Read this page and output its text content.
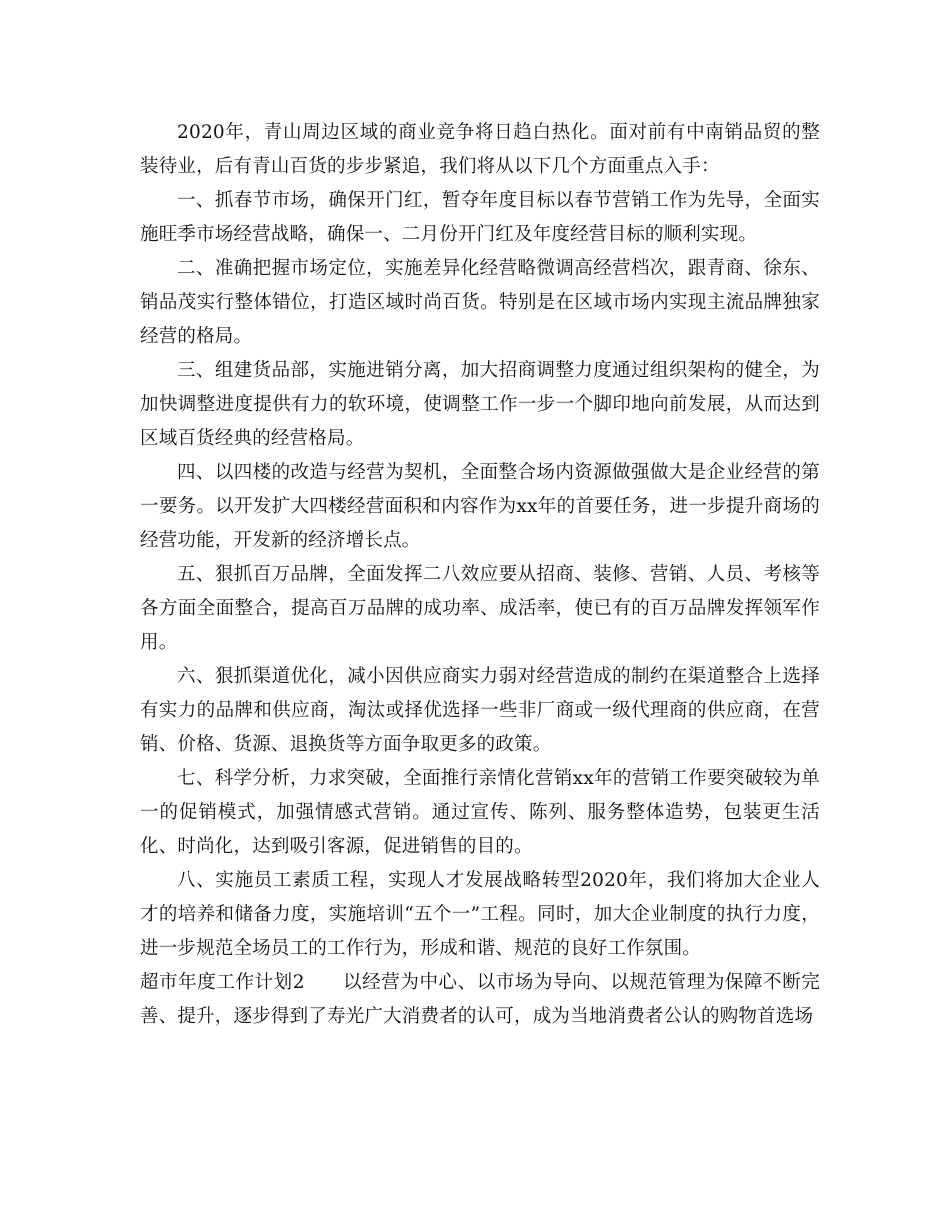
2020年，青山周边区域的商业竞争将日趋白热化。面对前有中南销品贸的整装待业，后有青山百货的步步紧追，我们将从以下几个方面重点入手：

一、抓春节市场，确保开门红，暂夺年度目标以春节营销工作为先导，全面实施旺季市场经营战略，确保一、二月份开门红及年度经营目标的顺利实现。

二、准确把握市场定位，实施差异化经营略微调高经营档次，跟青商、徐东、销品茂实行整体错位，打造区域时尚百货。特别是在区域市场内实现主流品牌独家经营的格局。

三、组建货品部，实施进销分离，加大招商调整力度通过组织架构的健全，为加快调整进度提供有力的软环境，使调整工作一步一个脚印地向前发展，从而达到区域百货经典的经营格局。

四、以四楼的改造与经营为契机，全面整合场内资源做强做大是企业经营的第一要务。以开发扩大四楼经营面积和内容作为xx年的首要任务，进一步提升商场的经营功能，开发新的经济增长点。

五、狠抓百万品牌，全面发挥二八效应要从招商、装修、营销、人员、考核等各方面全面整合，提高百万品牌的成功率、成活率，使已有的百万品牌发挥领军作用。

六、狠抓渠道优化，减小因供应商实力弱对经营造成的制约在渠道整合上选择有实力的品牌和供应商，淘汰或择优选择一些非厂商或一级代理商的供应商，在营销、价格、货源、退换货等方面争取更多的政策。

七、科学分析，力求突破，全面推行亲情化营销xx年的营销工作要突破较为单一的促销模式，加强情感式营销。通过宣传、陈列、服务整体造势，包装更生活化、时尚化，达到吸引客源，促进销售的目的。

八、实施员工素质工程，实现人才发展战略转型2020年，我们将加大企业人才的培养和储备力度，实施培训“五个一”工程。同时，加大企业制度的执行力度，进一步规范全场员工的工作行为，形成和谐、规范的良好工作氛围。

超市年度工作计划2 以经营为中心、以市场为导向、以规范管理为保障不断完善、提升，逐步得到了寿光广大消费者的认可，成为当地消费者公认的购物首选场
